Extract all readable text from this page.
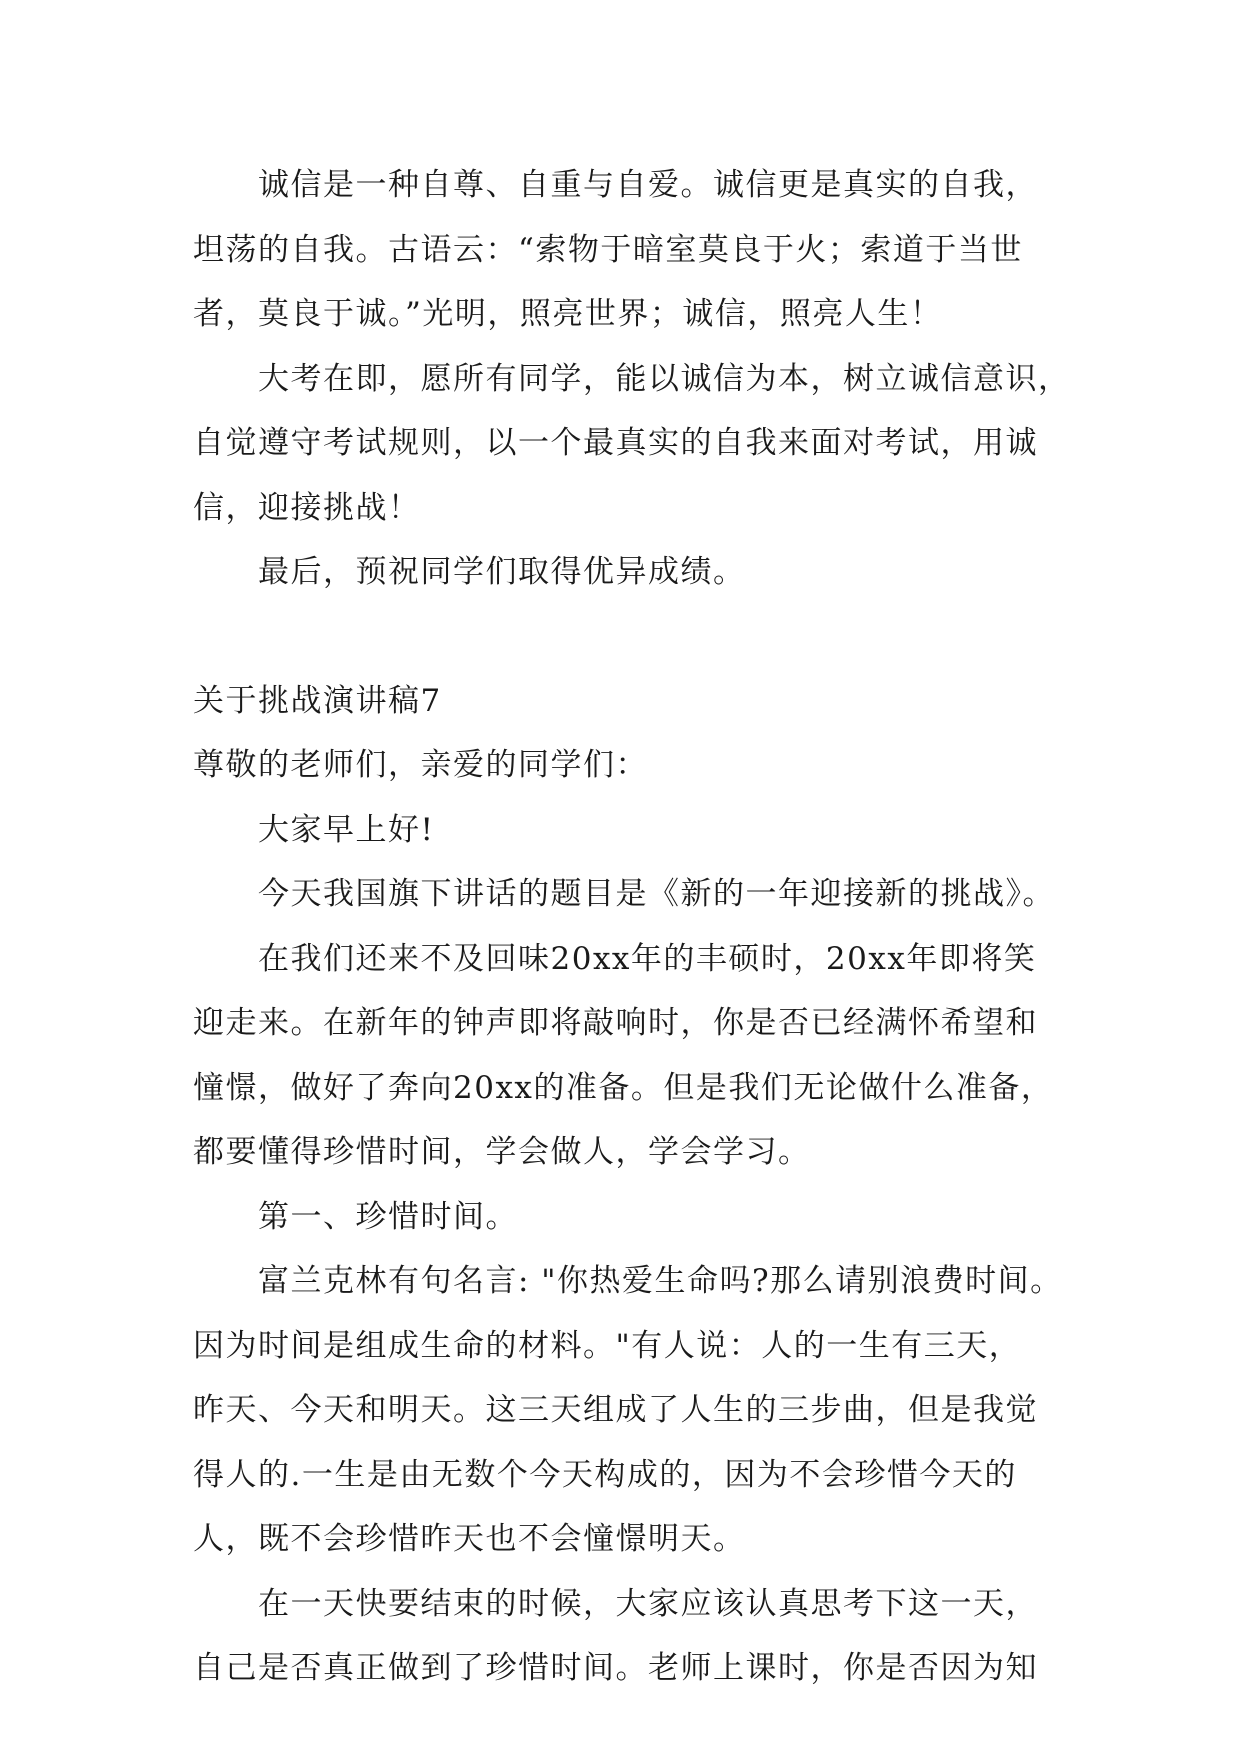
诚信是一种自尊、自重与自爱。诚信更是真实的自我，
坦荡的自我。古语云：“索物于暗室莫良于火；索道于当世
者，莫良于诚。”光明，照亮世界；诚信，照亮人生！
大考在即，愿所有同学，能以诚信为本，树立诚信意识，
自觉遵守考试规则，以一个最真实的自我来面对考试，用诚
信，迎接挑战！
最后，预祝同学们取得优异成绩。
关于挑战演讲稿7
尊敬的老师们，亲爱的同学们：
大家早上好!
今天我国旗下讲话的题目是《新的一年迎接新的挑战》。
在我们还来不及回味20xx年的丰硕时，20xx年即将笑
迎走来。在新年的钟声即将敲响时，你是否已经满怀希望和
憧憬，做好了奔向20xx的准备。但是我们无论做什么准备，
都要懂得珍惜时间，学会做人，学会学习。
第一、珍惜时间。
富兰克林有句名言: "你热爱生命吗?那么请别浪费时间。
因为时间是组成生命的材料。"有人说：人的一生有三天，
昨天、今天和明天。这三天组成了人生的三步曲，但是我觉
得人的.一生是由无数个今天构成的，因为不会珍惜今天的
人，既不会珍惜昨天也不会憧憬明天。
在一天快要结束的时候，大家应该认真思考下这一天，
自己是否真正做到了珍惜时间。老师上课时，你是否因为知
